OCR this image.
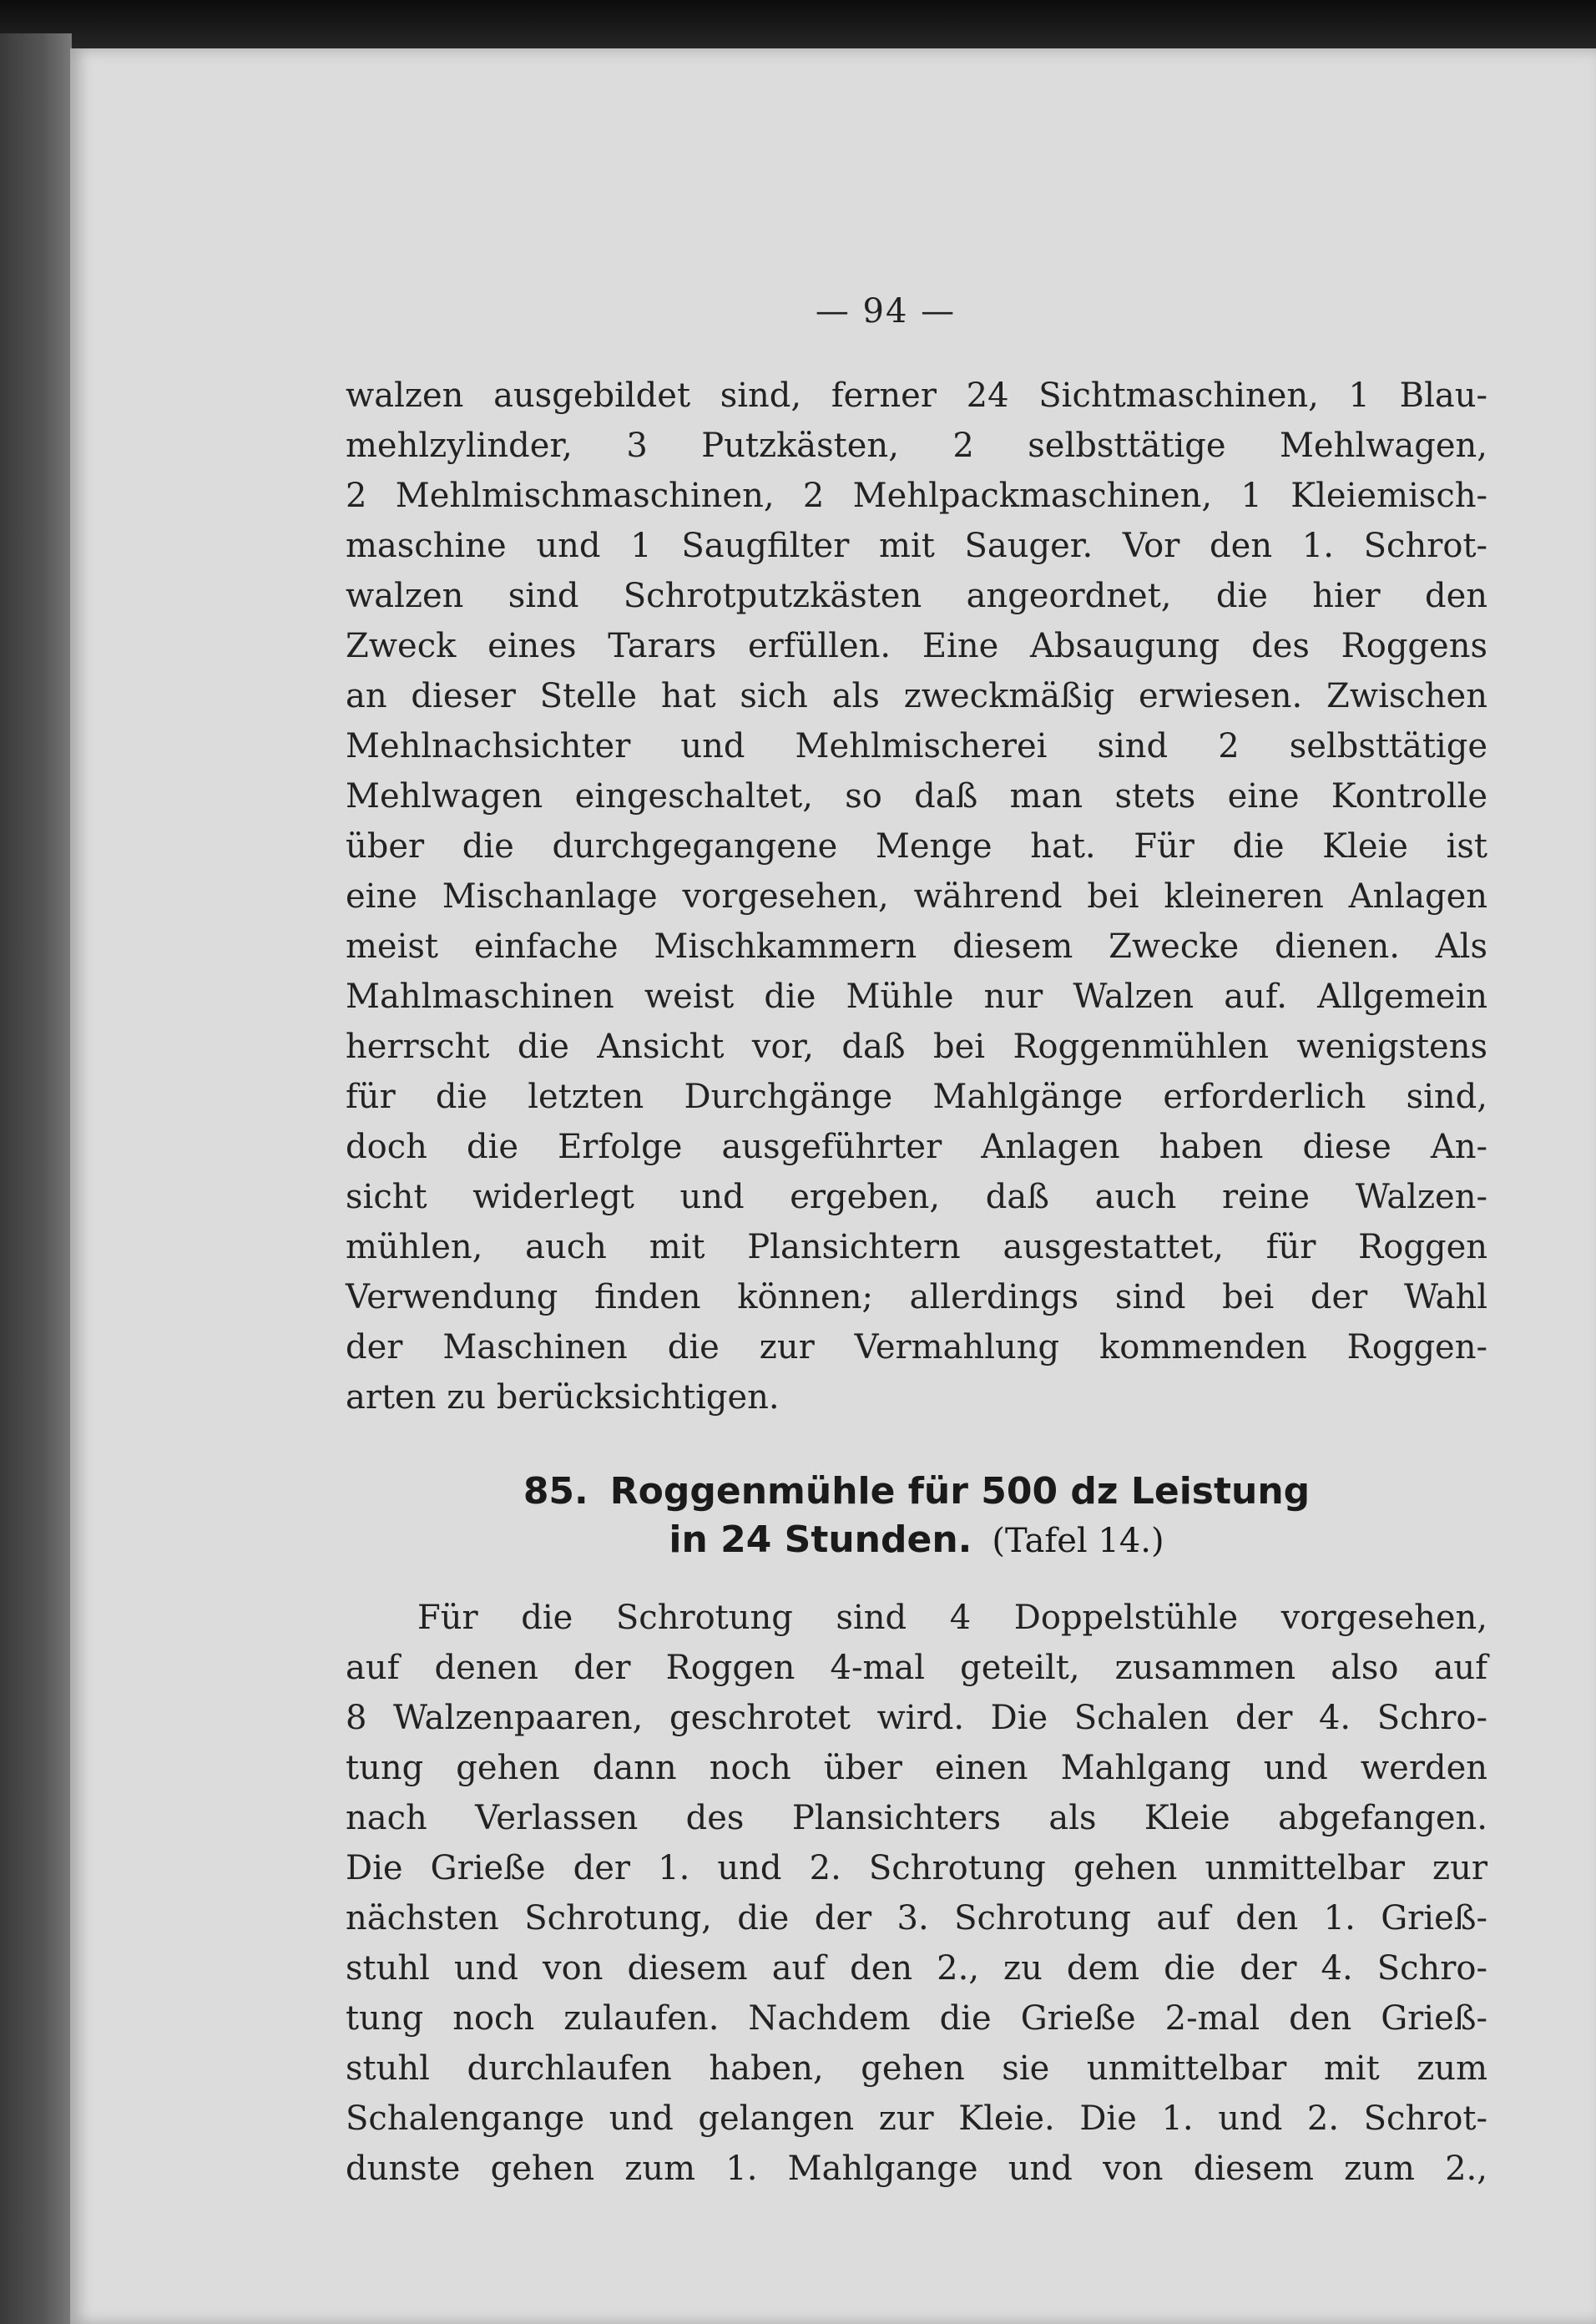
— 94 —
walzen ausgebildet sind, ferner 24 Sichtmaschinen, 1 Blau-
mehlzylinder, 3 Putzkästen, 2 selbsttätige Mehlwagen,
2 Mehlmischmaschinen, 2 Mehlpackmaschinen, 1 Kleiemisch-
maschine und 1 Saugfilter mit Sauger. Vor den 1. Schrot-
walzen sind Schrotputzkästen angeordnet, die hier den
Zweck eines Tarars erfüllen. Eine Absaugung des Roggens
an dieser Stelle hat sich als zweckmäßig erwiesen. Zwischen
Mehlnachsichter und Mehlmischerei sind 2 selbsttätige
Mehlwagen eingeschaltet, so daß man stets eine Kontrolle
über die durchgegangene Menge hat. Für die Kleie ist
eine Mischanlage vorgesehen, während bei kleineren Anlagen
meist einfache Mischkammern diesem Zwecke dienen. Als
Mahlmaschinen weist die Mühle nur Walzen auf. Allgemein
herrscht die Ansicht vor, daß bei Roggenmühlen wenigstens
für die letzten Durchgänge Mahlgänge erforderlich sind,
doch die Erfolge ausgeführter Anlagen haben diese An-
sicht widerlegt und ergeben, daß auch reine Walzen-
mühlen, auch mit Plansichtern ausgestattet, für Roggen
Verwendung finden können; allerdings sind bei der Wahl
der Maschinen die zur Vermahlung kommenden Roggen-
arten zu berücksichtigen.
85. Roggenmühle für 500 dz Leistung
in 24 Stunden. (Tafel 14.)
Für die Schrotung sind 4 Doppelstühle vorgesehen,
auf denen der Roggen 4-mal geteilt, zusammen also auf
8 Walzenpaaren, geschrotet wird. Die Schalen der 4. Schro-
tung gehen dann noch über einen Mahlgang und werden
nach Verlassen des Plansichters als Kleie abgefangen.
Die Grieße der 1. und 2. Schrotung gehen unmittelbar zur
nächsten Schrotung, die der 3. Schrotung auf den 1. Grieß-
stuhl und von diesem auf den 2., zu dem die der 4. Schro-
tung noch zulaufen. Nachdem die Grieße 2-mal den Grieß-
stuhl durchlaufen haben, gehen sie unmittelbar mit zum
Schalengange und gelangen zur Kleie. Die 1. und 2. Schrot-
dunste gehen zum 1. Mahlgange und von diesem zum 2.,
